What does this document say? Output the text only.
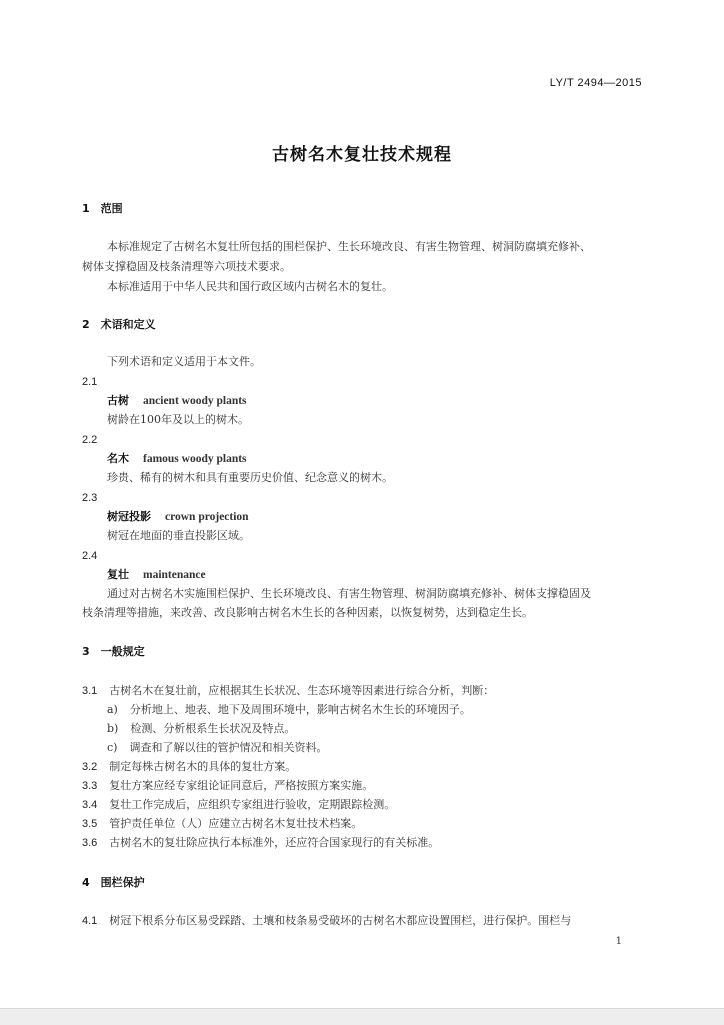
LY/T 2494—2015
古树名木复壮技术规程
1　范围
本标准规定了古树名木复壮所包括的围栏保护、生长环境改良、有害生物管理、树洞防腐填充修补、
树体支撑稳固及枝条清理等六项技术要求。
本标准适用于中华人民共和国行政区域内古树名木的复壮。
2　术语和定义
下列术语和定义适用于本文件。
2.1
古树 ancient woody plants
树龄在100年及以上的树木。
2.2
名木 famous woody plants
珍贵、稀有的树木和具有重要历史价值、纪念意义的树木。
2.3
树冠投影 crown projection
树冠在地面的垂直投影区域。
2.4
复壮 maintenance
通过对古树名木实施围栏保护、生长环境改良、有害生物管理、树洞防腐填充修补、树体支撑稳固及
枝条清理等措施，来改善、改良影响古树名木生长的各种因素，以恢复树势，达到稳定生长。
3　一般规定
3.1 古树名木在复壮前，应根据其生长状况、生态环境等因素进行综合分析，判断：
a) 分析地上、地表、地下及周围环境中，影响古树名木生长的环境因子。
b) 检测、分析根系生长状况及特点。
c) 调查和了解以往的管护情况和相关资料。
3.2 制定每株古树名木的具体的复壮方案。
3.3 复壮方案应经专家组论证同意后，严格按照方案实施。
3.4 复壮工作完成后，应组织专家组进行验收，定期跟踪检测。
3.5 管护责任单位（人）应建立古树名木复壮技术档案。
3.6 古树名木的复壮除应执行本标准外，还应符合国家现行的有关标准。
4　围栏保护
4.1 树冠下根系分布区易受踩踏、土壤和枝条易受破坏的古树名木都应设置围栏，进行保护。围栏与
1
